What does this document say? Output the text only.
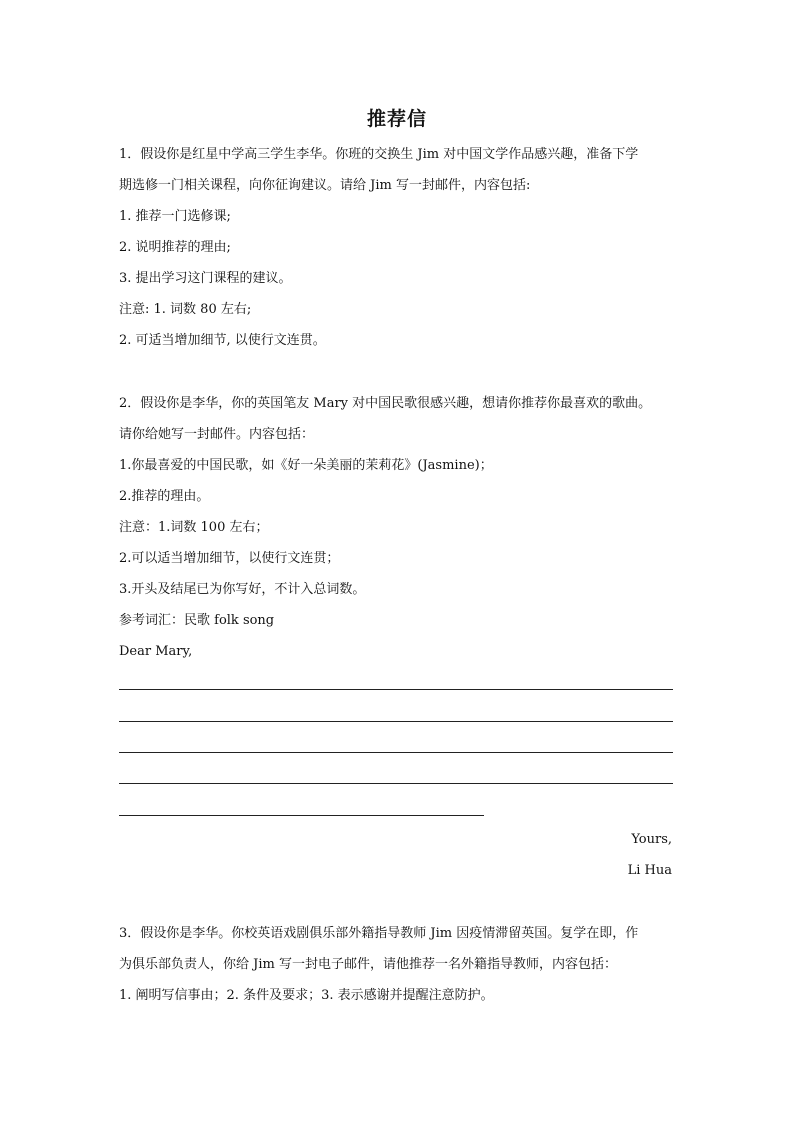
推荐信
1．假设你是红星中学高三学生李华。你班的交换生 Jim 对中国文学作品感兴趣，准备下学
期选修一门相关课程，向你征询建议。请给 Jim 写一封邮件，内容包括:
1. 推荐一门选修课;
2. 说明推荐的理由;
3. 提出学习这门课程的建议。
注意: 1. 词数 80 左右;
2. 可适当增加细节, 以使行文连贯。
2．假设你是李华，你的英国笔友 Mary 对中国民歌很感兴趣，想请你推荐你最喜欢的歌曲。
请你给她写一封邮件。内容包括：
1.你最喜爱的中国民歌，如《好一朵美丽的茉莉花》(Jasmine)；
2.推荐的理由。
注意：1.词数 100 左右；
2.可以适当增加细节，以使行文连贯；
3.开头及结尾已为你写好，不计入总词数。
参考词汇：民歌 folk song
Dear Mary,
Yours,
Li Hua
3．假设你是李华。你校英语戏剧俱乐部外籍指导教师 Jim 因疫情滞留英国。复学在即，作
为俱乐部负责人，你给 Jim 写一封电子邮件，请他推荐一名外籍指导教师，内容包括：
1. 阐明写信事由；2. 条件及要求；3. 表示感谢并提醒注意防护。
